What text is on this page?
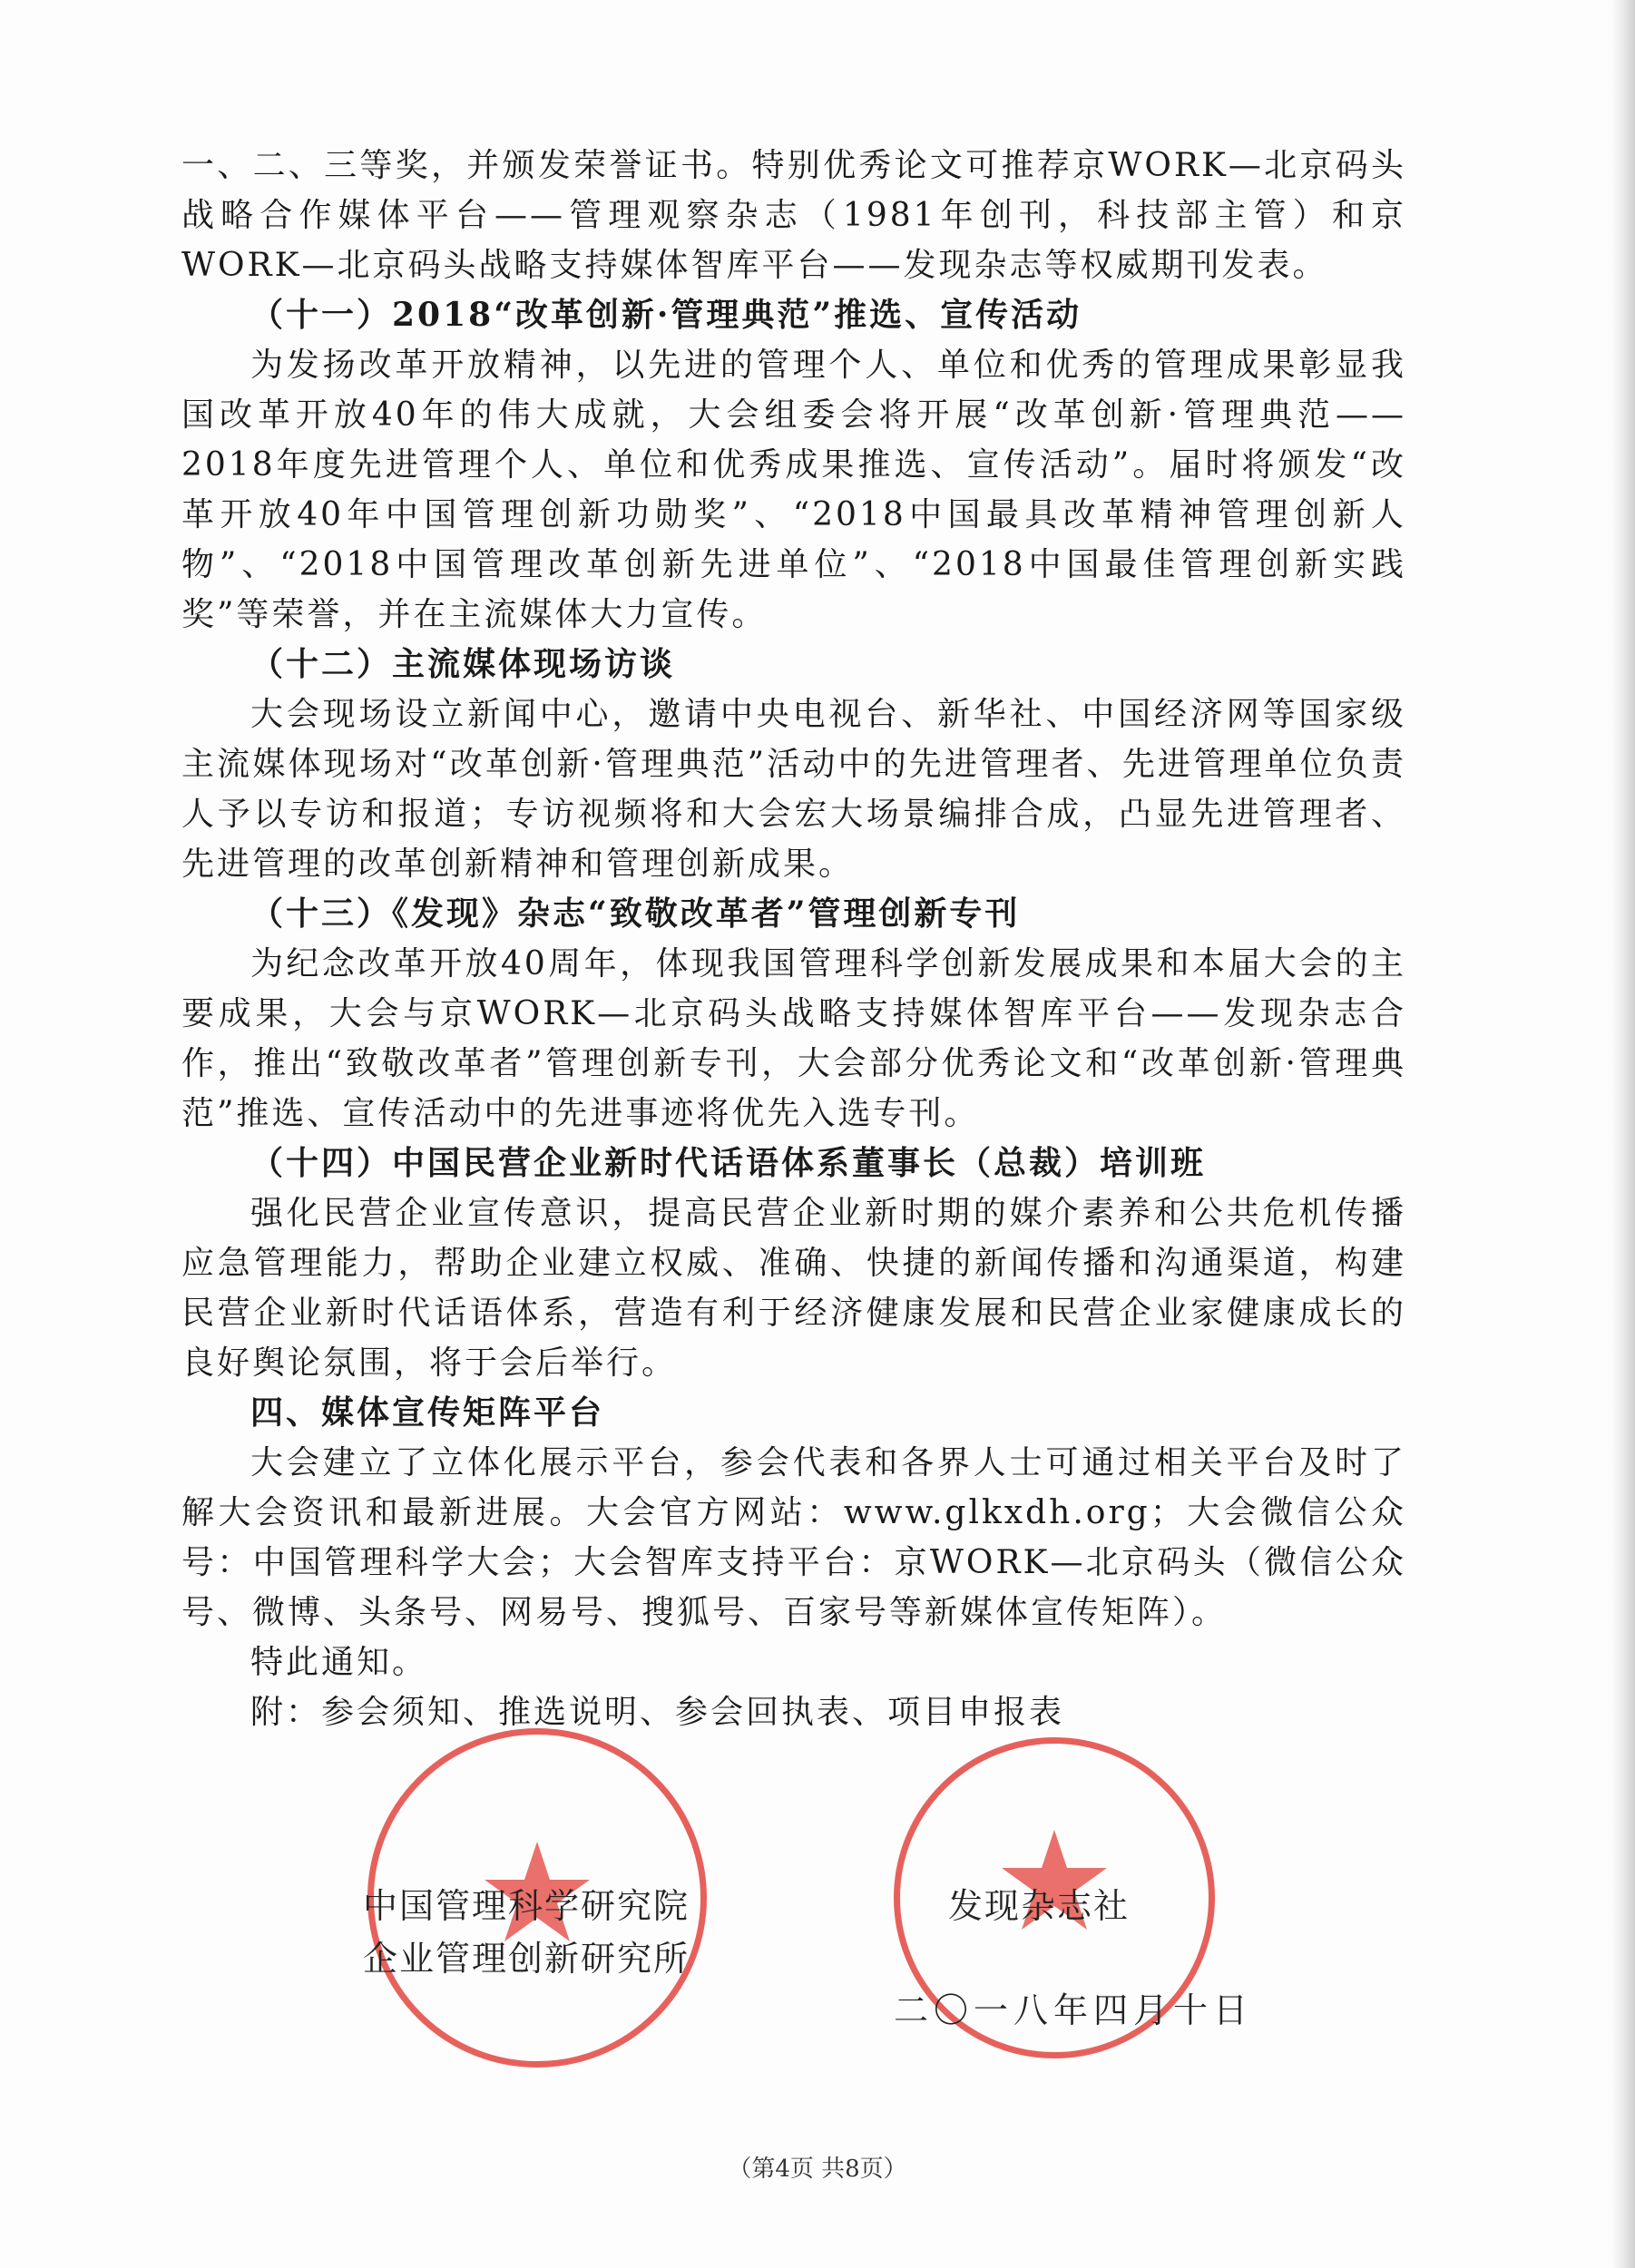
一、二、三等奖，并颁发荣誉证书。特别优秀论文可推荐京WORK—北京码头战略合作媒体平台——管理观察杂志（1981年创刊，科技部主管）和京WORK—北京码头战略支持媒体智库平台——发现杂志等权威期刊发表。

（十一）2018“改革创新·管理典范”推选、宣传活动

为发扬改革开放精神，以先进的管理个人、单位和优秀的管理成果彰显我国改革开放40年的伟大成就，大会组委会将开展“改革创新·管理典范——2018年度先进管理个人、单位和优秀成果推选、宣传活动”。届时将颁发“改革开放40年中国管理创新功勋奖”、“2018中国最具改革精神管理创新人物”、“2018中国管理改革创新先进单位”、“2018中国最佳管理创新实践奖”等荣誉，并在主流媒体大力宣传。

（十二）主流媒体现场访谈

大会现场设立新闻中心，邀请中央电视台、新华社、中国经济网等国家级主流媒体现场对“改革创新·管理典范”活动中的先进管理者、先进管理单位负责人予以专访和报道；专访视频将和大会宏大场景编排合成，凸显先进管理者、先进管理的改革创新精神和管理创新成果。

（十三）《发现》杂志“致敬改革者”管理创新专刊

为纪念改革开放40周年，体现我国管理科学创新发展成果和本届大会的主要成果，大会与京WORK—北京码头战略支持媒体智库平台——发现杂志合作，推出“致敬改革者”管理创新专刊，大会部分优秀论文和“改革创新·管理典范”推选、宣传活动中的先进事迹将优先入选专刊。

（十四）中国民营企业新时代话语体系董事长（总裁）培训班

强化民营企业宣传意识，提高民营企业新时期的媒介素养和公共危机传播应急管理能力，帮助企业建立权威、准确、快捷的新闻传播和沟通渠道，构建民营企业新时代话语体系，营造有利于经济健康发展和民营企业家健康成长的良好舆论氛围，将于会后举行。

四、媒体宣传矩阵平台

大会建立了立体化展示平台，参会代表和各界人士可通过相关平台及时了解大会资讯和最新进展。大会官方网站：www.glkxdh.org；大会微信公众号：中国管理科学大会；大会智库支持平台：京WORK—北京码头（微信公众号、微博、头条号、网易号、搜狐号、百家号等新媒体宣传矩阵）。

特此通知。

附：参会须知、推选说明、参会回执表、项目申报表

中国管理科学研究院
企业管理创新研究所
发现杂志社
二〇一八年四月十日
（第4页 共8页）
